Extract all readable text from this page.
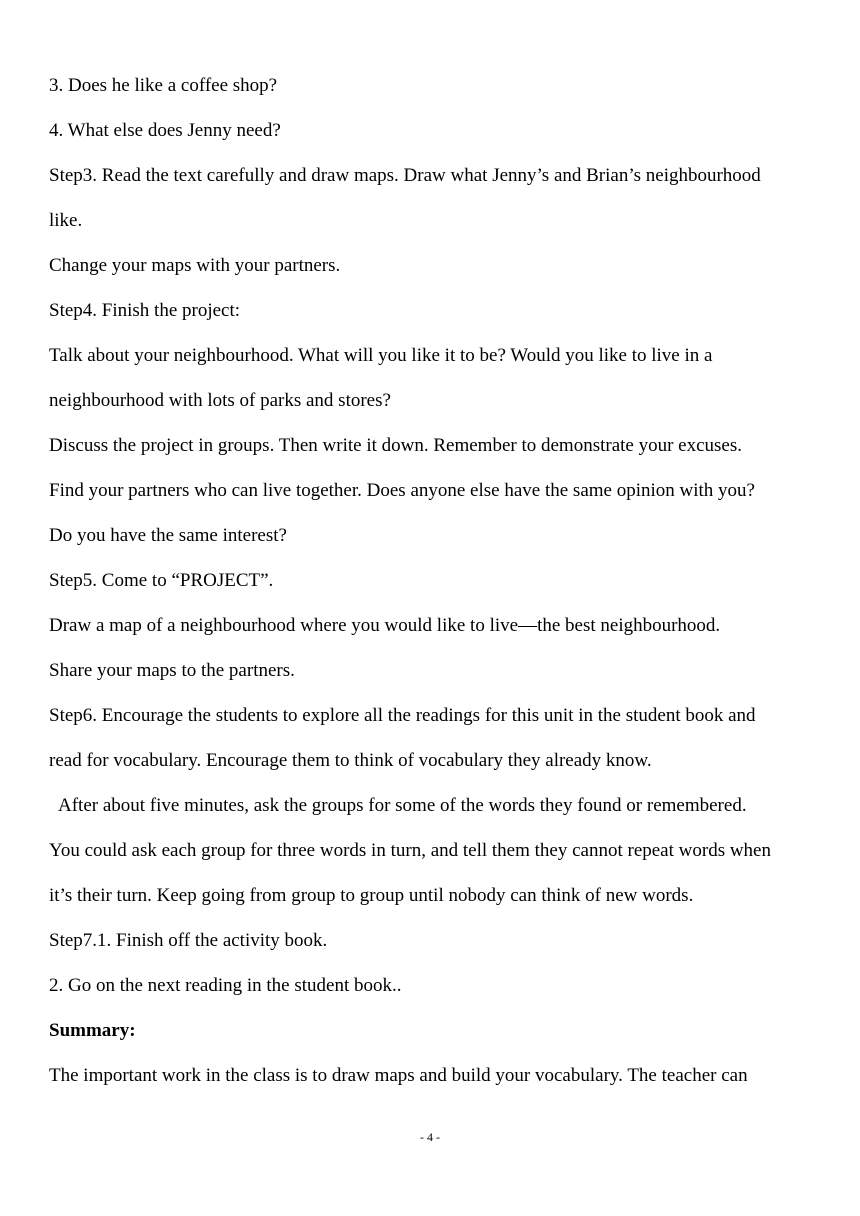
3. Does he like a coffee shop?
4. What else does Jenny need?
Step3. Read the text carefully and draw maps. Draw what Jenny’s and Brian’s neighbourhood
like.
Change your maps with your partners.
Step4. Finish the project:
Talk about your neighbourhood. What will you like it to be? Would you like to live in a
neighbourhood with lots of parks and stores?
Discuss the project in groups. Then write it down. Remember to demonstrate your excuses.
Find your partners who can live together. Does anyone else have the same opinion with you?
Do you have the same interest?
Step5. Come to “PROJECT”.
Draw a map of a neighbourhood where you would like to live—the best neighbourhood.
Share your maps to the partners.
Step6. Encourage the students to explore all the readings for this unit in the student book and
read for vocabulary. Encourage them to think of vocabulary they already know.
After about five minutes, ask the groups for some of the words they found or remembered.
You could ask each group for three words in turn, and tell them they cannot repeat words when
it’s their turn. Keep going from group to group until nobody can think of new words.
Step7.1. Finish off the activity book.
2. Go on the next reading in the student book..
Summary:
The important work in the class is to draw maps and build your vocabulary. The teacher can
- 4 -
